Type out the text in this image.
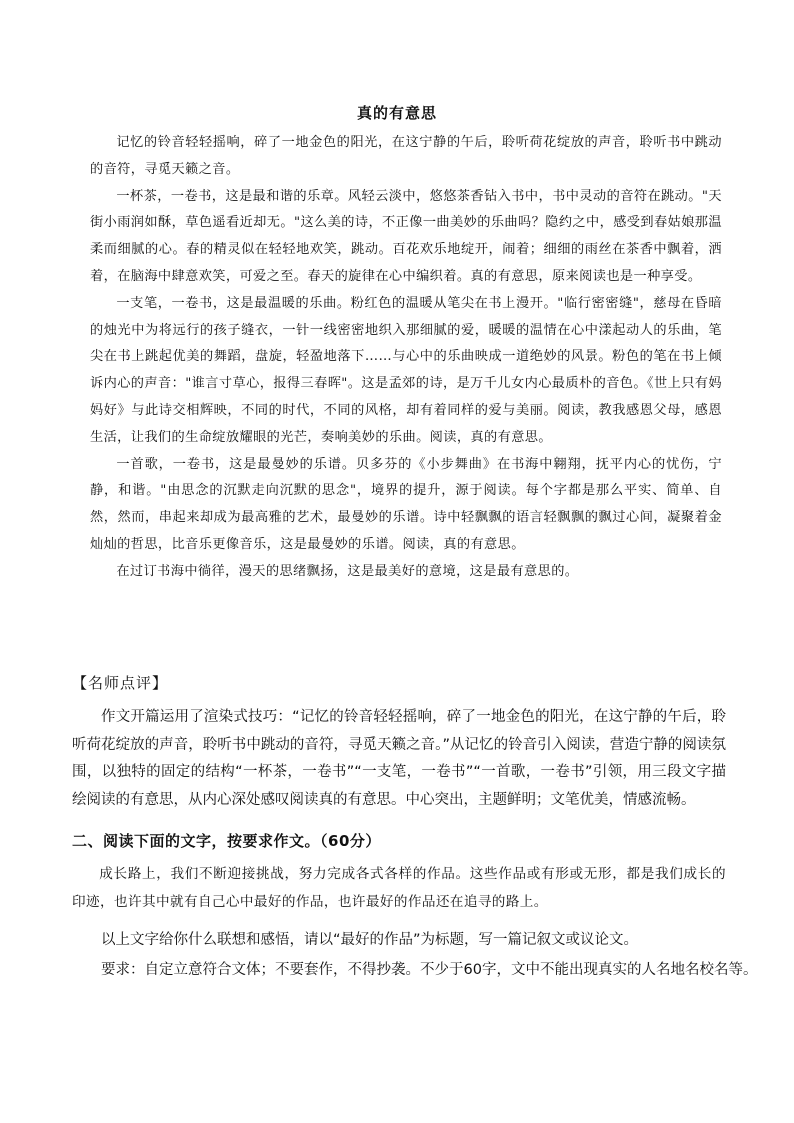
真的有意思

记忆的铃音轻轻摇响，碎了一地金色的阳光，在这宁静的午后，聆听荷花绽放的声音，聆听书中跳动的音符，寻觅天籁之音。

一杯茶，一卷书，这是最和谐的乐章。风轻云淡中，悠悠茶香钻入书中，书中灵动的音符在跳动。"天街小雨润如酥，草色遥看近却无。"这么美的诗，不正像一曲美妙的乐曲吗？隐约之中，感受到春姑娘那温柔而细腻的心。春的精灵似在轻轻地欢笑，跳动。百花欢乐地绽开，闹着；细细的雨丝在茶香中飘着，洒着，在脑海中肆意欢笑，可爱之至。春天的旋律在心中编织着。真的有意思，原来阅读也是一种享受。

一支笔，一卷书，这是最温暖的乐曲。粉红色的温暖从笔尖在书上漫开。"临行密密缝"，慈母在昏暗的烛光中为将远行的孩子缝衣，一针一线密密地织入那细腻的爱，暖暖的温情在心中漾起动人的乐曲，笔尖在书上跳起优美的舞蹈，盘旋，轻盈地落下……与心中的乐曲映成一道绝妙的风景。粉色的笔在书上倾诉内心的声音："谁言寸草心，报得三春晖"。这是孟郊的诗，是万千儿女内心最质朴的音色。《世上只有妈妈好》与此诗交相辉映，不同的时代，不同的风格，却有着同样的爱与美丽。阅读，教我感恩父母，感恩生活，让我们的生命绽放耀眼的光芒，奏响美妙的乐曲。阅读，真的有意思。

一首歌，一卷书，这是最曼妙的乐谱。贝多芬的《小步舞曲》在书海中翱翔，抚平内心的忧伤，宁静，和谐。"由思念的沉默走向沉默的思念"，境界的提升，源于阅读。每个字都是那么平实、简单、自然，然而，串起来却成为最高雅的艺术，最曼妙的乐谱。诗中轻飘飘的语言轻飘飘的飘过心间，凝聚着金灿灿的哲思，比音乐更像音乐，这是最曼妙的乐谱。阅读，真的有意思。

在过订书海中徜徉，漫天的思绪飘扬，这是最美好的意境，这是最有意思的。

【名师点评】

作文开篇运用了渲染式技巧：“记忆的铃音轻轻摇响，碎了一地金色的阳光，在这宁静的午后，聆听荷花绽放的声音，聆听书中跳动的音符，寻觅天籁之音。”从记忆的铃音引入阅读，营造宁静的阅读氛围，以独特的固定的结构“一杯茶，一卷书”“一支笔，一卷书”“一首歌，一卷书”引领，用三段文字描绘阅读的有意思，从内心深处感叹阅读真的有意思。中心突出，主题鲜明；文笔优美，情感流畅。

二、阅读下面的文字，按要求作文。（60分）

成长路上，我们不断迎接挑战，努力完成各式各样的作品。这些作品或有形或无形，都是我们成长的印迹，也许其中就有自己心中最好的作品，也许最好的作品还在追寻的路上。

以上文字给你什么联想和感悟，请以“最好的作品”为标题，写一篇记叙文或议论文。

要求：自定立意符合文体；不要套作，不得抄袭。不少于60字，文中不能出现真实的人名地名校名等。
